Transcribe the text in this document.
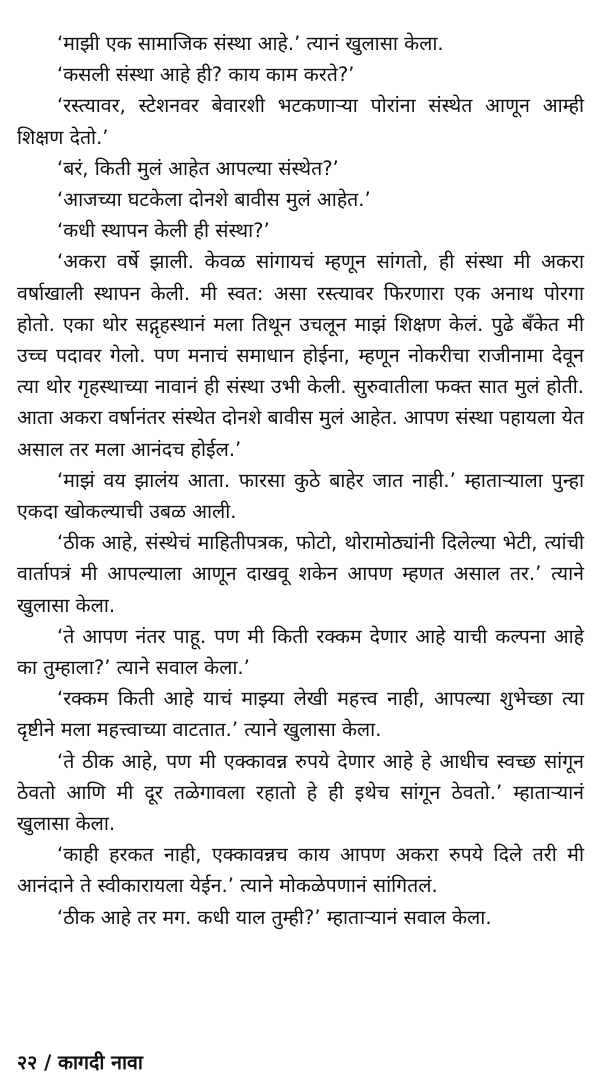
‘माझी एक सामाजिक संस्था आहे.’ त्यानं खुलासा केला.

‘कसली संस्था आहे ही? काय काम करते?’

‘रस्त्यावर, स्टेशनवर बेवारशी भटकणाऱ्या पोरांना संस्थेत आणून आम्ही शिक्षण देतो.’

‘बरं, किती मुलं आहेत आपल्या संस्थेत?’

‘आजच्या घटकेला दोनशे बावीस मुलं आहेत.’

‘कधी स्थापन केली ही संस्था?’

‘अकरा वर्षे झाली. केवळ सांगायचं म्हणून सांगतो, ही संस्था मी अकरा वर्षाखाली स्थापन केली. मी स्वत: असा रस्त्यावर फिरणारा एक अनाथ पोरगा होतो. एका थोर सद्गृहस्थानं मला तिथून उचलून माझं शिक्षण केलं. पुढे बँकेत मी उच्च पदावर गेलो. पण मनाचं समाधान होईना, म्हणून नोकरीचा राजीनामा देवून त्या थोर गृहस्थाच्या नावानं ही संस्था उभी केली. सुरुवातीला फक्त सात मुलं होती. आता अकरा वर्षानंतर संस्थेत दोनशे बावीस मुलं आहेत. आपण संस्था पहायला येत असाल तर मला आनंदच होईल.’

‘माझं वय झालंय आता. फारसा कुठे बाहेर जात नाही.’ म्हाताऱ्याला पुन्हा एकदा खोकल्याची उबळ आली.

‘ठीक आहे, संस्थेचं माहितीपत्रक, फोटो, थोरामोठ्यांनी दिलेल्या भेटी, त्यांची वार्तापत्रं मी आपल्याला आणून दाखवू शकेन आपण म्हणत असाल तर.’ त्याने खुलासा केला.

‘ते आपण नंतर पाहू. पण मी किती रक्कम देणार आहे याची कल्पना आहे का तुम्हाला?’ त्याने सवाल केला.’

‘रक्कम किती आहे याचं माझ्या लेखी महत्त्व नाही, आपल्या शुभेच्छा त्या दृष्टीने मला महत्त्वाच्या वाटतात.’ त्याने खुलासा केला.

‘ते ठीक आहे, पण मी एक्कावन्न रुपये देणार आहे हे आधीच स्वच्छ सांगून ठेवतो आणि मी दूर तळेगावला रहातो हे ही इथेच सांगून ठेवतो.’ म्हाताऱ्यानं खुलासा केला.

‘काही हरकत नाही, एक्कावन्नच काय आपण अकरा रुपये दिले तरी मी आनंदाने ते स्वीकारायला येईन.’ त्याने मोकळेपणानं सांगितलं.

‘ठीक आहे तर मग. कधी याल तुम्ही?’ म्हाताऱ्यानं सवाल केला.

२२ / कागदी नावा
